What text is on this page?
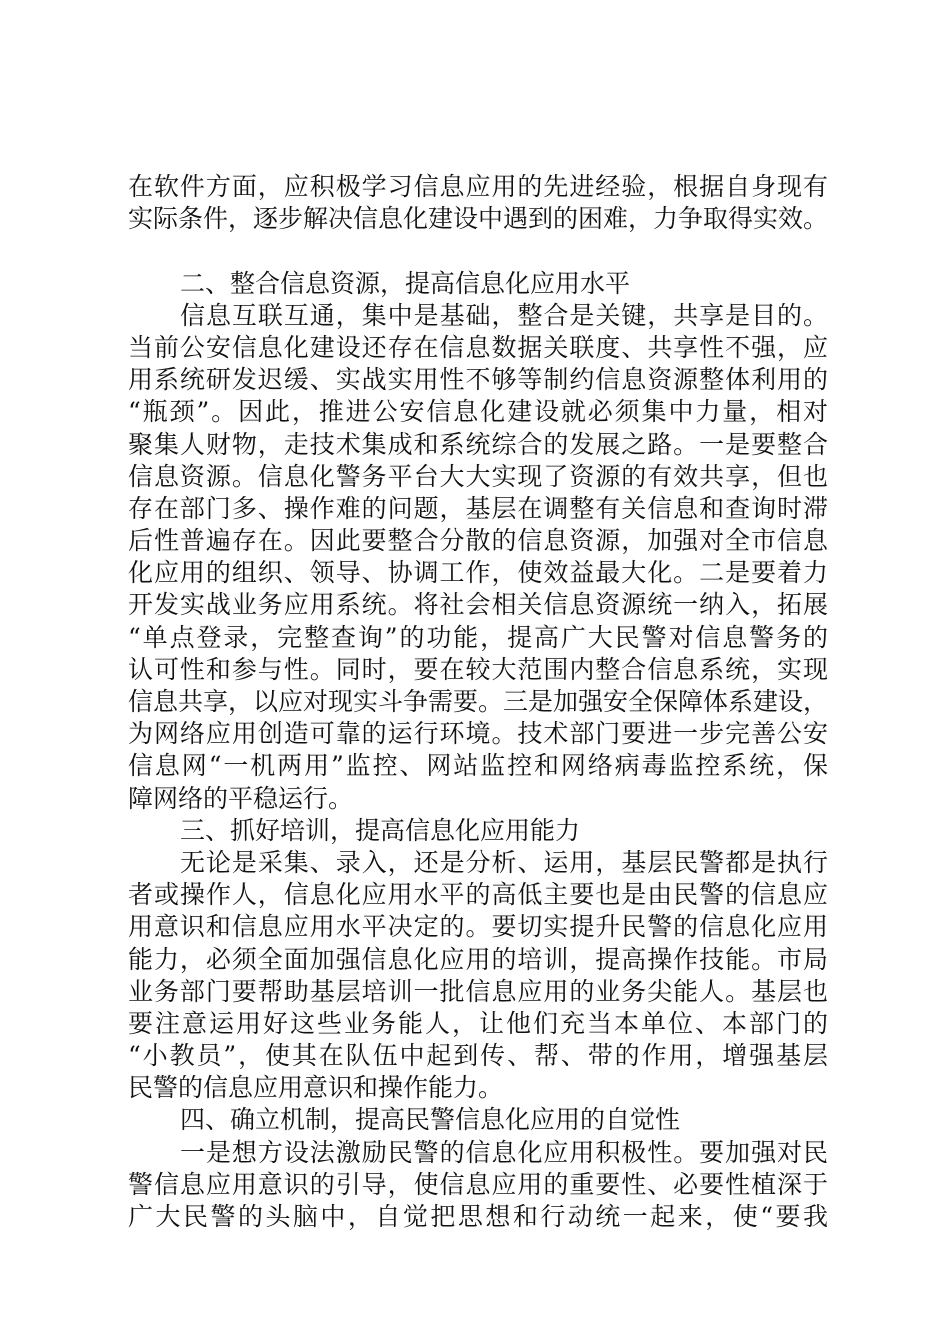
在软件方面，应积极学习信息应用的先进经验，根据自身现有
实际条件，逐步解决信息化建设中遇到的困难，力争取得实效。
二、整合信息资源，提高信息化应用水平
信息互联互通，集中是基础，整合是关键，共享是目的。
当前公安信息化建设还存在信息数据关联度、共享性不强，应
用系统研发迟缓、实战实用性不够等制约信息资源整体利用的
“瓶颈”。因此，推进公安信息化建设就必须集中力量，相对
聚集人财物，走技术集成和系统综合的发展之路。一是要整合
信息资源。信息化警务平台大大实现了资源的有效共享，但也
存在部门多、操作难的问题，基层在调整有关信息和查询时滞
后性普遍存在。因此要整合分散的信息资源，加强对全市信息
化应用的组织、领导、协调工作，使效益最大化。二是要着力
开发实战业务应用系统。将社会相关信息资源统一纳入，拓展
“单点登录，完整查询”的功能，提高广大民警对信息警务的
认可性和参与性。同时，要在较大范围内整合信息系统，实现
信息共享，以应对现实斗争需要。三是加强安全保障体系建设，
为网络应用创造可靠的运行环境。技术部门要进一步完善公安
信息网“一机两用”监控、网站监控和网络病毒监控系统，保
障网络的平稳运行。
三、抓好培训，提高信息化应用能力
无论是采集、录入，还是分析、运用，基层民警都是执行
者或操作人，信息化应用水平的高低主要也是由民警的信息应
用意识和信息应用水平决定的。要切实提升民警的信息化应用
能力，必须全面加强信息化应用的培训，提高操作技能。市局
业务部门要帮助基层培训一批信息应用的业务尖能人。基层也
要注意运用好这些业务能人，让他们充当本单位、本部门的
“小教员”，使其在队伍中起到传、帮、带的作用，增强基层
民警的信息应用意识和操作能力。
四、确立机制，提高民警信息化应用的自觉性
一是想方设法激励民警的信息化应用积极性。要加强对民
警信息应用意识的引导，使信息应用的重要性、必要性植深于
广大民警的头脑中，自觉把思想和行动统一起来，使“要我
